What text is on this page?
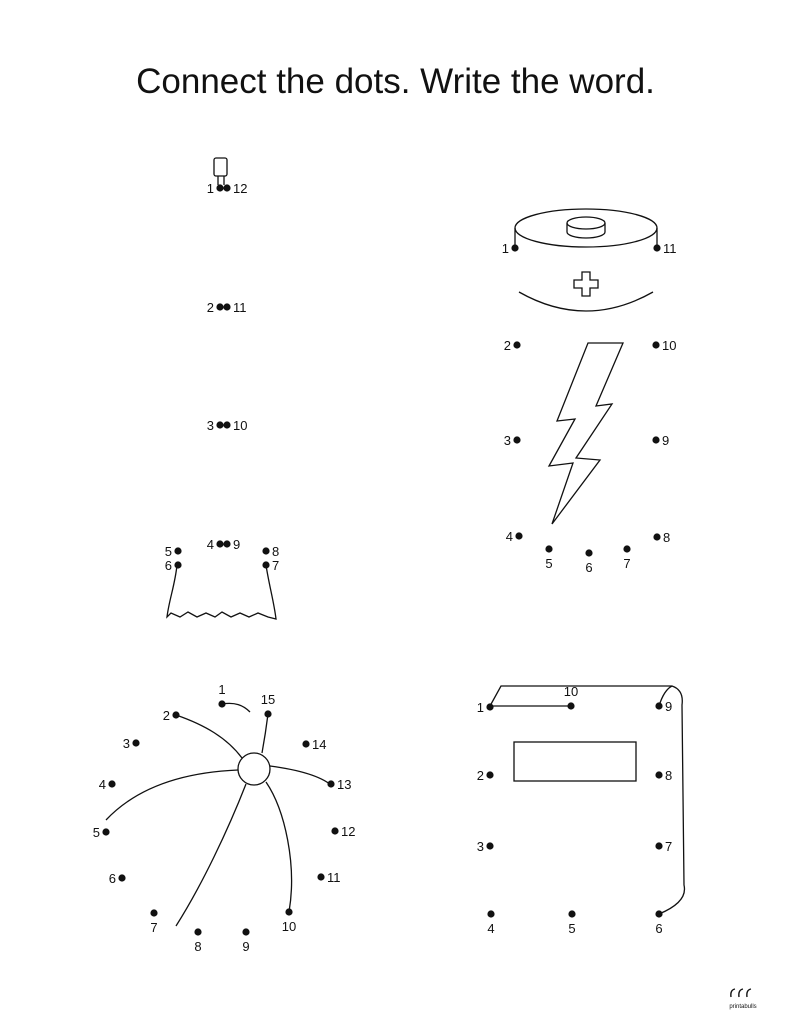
Connect the dots. Write the word.
1
2
3
4
5
6	7
8
9
10
11
12
1
2
3
4
5	6 7
8
9
10
11
1
2
3
4
5
6
7
8	9
10
11
12
13
14
15
1
2
3
4	5	6
7
8
9
10
printabulls
